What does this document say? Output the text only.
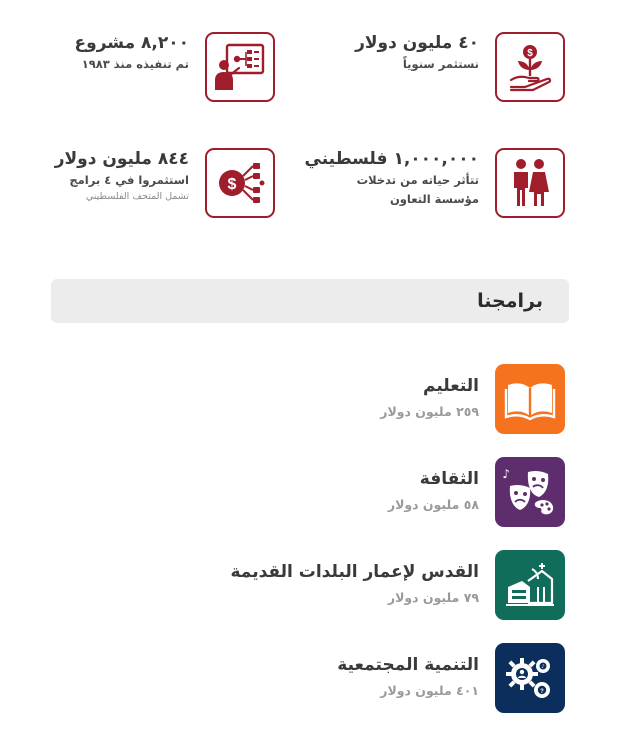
$
٤٠ مليون دولار
نستثمر سنوياً
٨,٢٠٠ مشروع
تم تنفيذه منذ ١٩٨٣
١,٠٠٠,٠٠٠ فلسطيني
تتأثر حياته من تدخلات
مؤسسة التعاون
$
٨٤٤ مليون دولار
استثمروا في ٤ برامج
تشمل المتحف الفلسطيني
برامجنا
التعليم
٢٥٩ مليون دولار
♪
الثقافة
٥٨ مليون دولار
القدس لإعمار البلدات القديمة
٧٩ مليون دولار
?
♪
التنمية المجتمعية
٤٠١ مليون دولار
